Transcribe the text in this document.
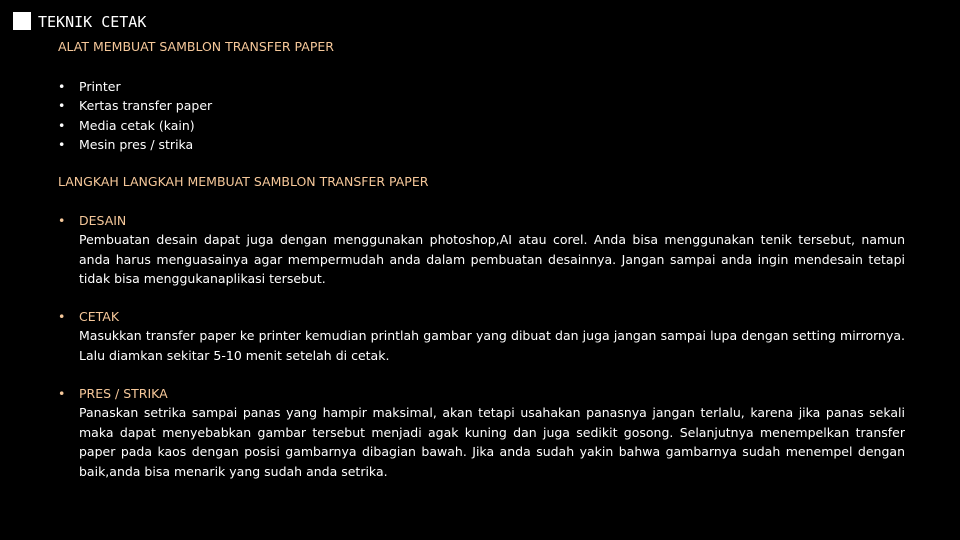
TEKNIK CETAK
ALAT MEMBUAT SAMBLON TRANSFER PAPER
• Printer
• Kertas transfer paper
• Media cetak (kain)
• Mesin pres / strika
LANGKAH LANGKAH MEMBUAT SAMBLON TRANSFER PAPER
• DESAIN
Pembuatan desain dapat juga dengan menggunakan photoshop,AI atau corel. Anda bisa menggunakan tenik tersebut, namun anda harus menguasainya agar mempermudah anda dalam pembuatan desainnya. Jangan sampai anda ingin mendesain tetapi tidak bisa menggukanaplikasi tersebut.
• CETAK
Masukkan transfer paper ke printer kemudian printlah gambar yang dibuat dan juga jangan sampai lupa dengan setting mirrornya. Lalu diamkan sekitar 5-10 menit setelah di cetak.
• PRES / STRIKA
Panaskan setrika sampai panas yang hampir maksimal, akan tetapi usahakan panasnya jangan terlalu, karena jika panas sekali maka dapat menyebabkan gambar tersebut menjadi agak kuning dan juga sedikit gosong. Selanjutnya menempelkan transfer paper pada kaos dengan posisi gambarnya dibagian bawah. Jika anda sudah yakin bahwa gambarnya sudah menempel dengan baik,anda bisa menarik yang sudah anda setrika.
